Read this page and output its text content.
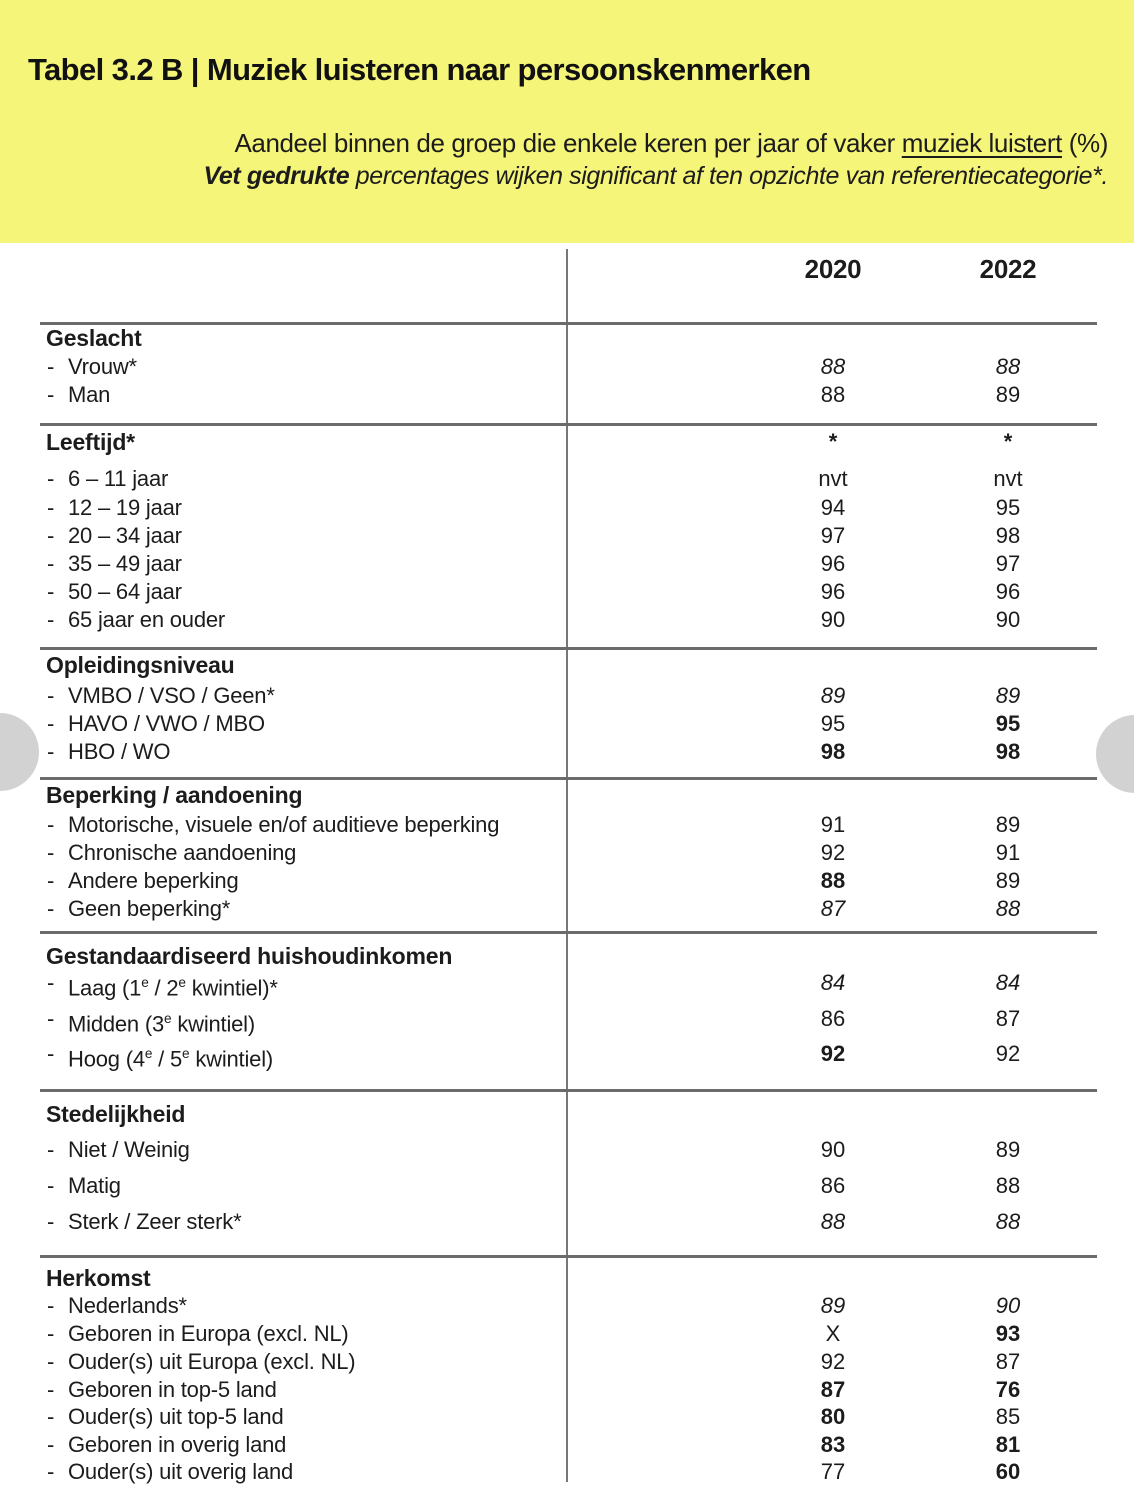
Tabel 3.2 B | Muziek luisteren naar persoonskenmerken
Aandeel binnen de groep die enkele keren per jaar of vaker muziek luistert (%)
Vet gedrukte percentages wijken significant af ten opzichte van referentiecategorie*.
2020	2022
Geslacht
- Vrouw*	88	88
- Man	88	89
Leeftijd*	*	*
- 6 – 11 jaar	nvt	nvt
- 12 – 19 jaar	94	95
- 20 – 34 jaar	97	98
- 35 – 49 jaar	96	97
- 50 – 64 jaar	96	96
- 65 jaar en ouder	90	90
Opleidingsniveau
- VMBO / VSO / Geen*	89	89
- HAVO / VWO / MBO	95	95
- HBO / WO	98	98
Beperking / aandoening
- Motorische, visuele en/of auditieve beperking	91	89
- Chronische aandoening	92	91
- Andere beperking	88	89
- Geen beperking*	87	88
Gestandaardiseerd huishoudinkomen
- Laag (1e / 2e kwintiel)*	84	84
- Midden (3e kwintiel)	86	87
- Hoog (4e / 5e kwintiel)	92	92
Stedelijkheid
- Niet / Weinig	90	89
- Matig	86	88
- Sterk / Zeer sterk*	88	88
Herkomst
- Nederlands*	89	90
- Geboren in Europa (excl. NL)	X	93
- Ouder(s) uit Europa (excl. NL)	92	87
- Geboren in top-5 land	87	76
- Ouder(s) uit top-5 land	80	85
- Geboren in overig land	83	81
- Ouder(s) uit overig land	77	60
